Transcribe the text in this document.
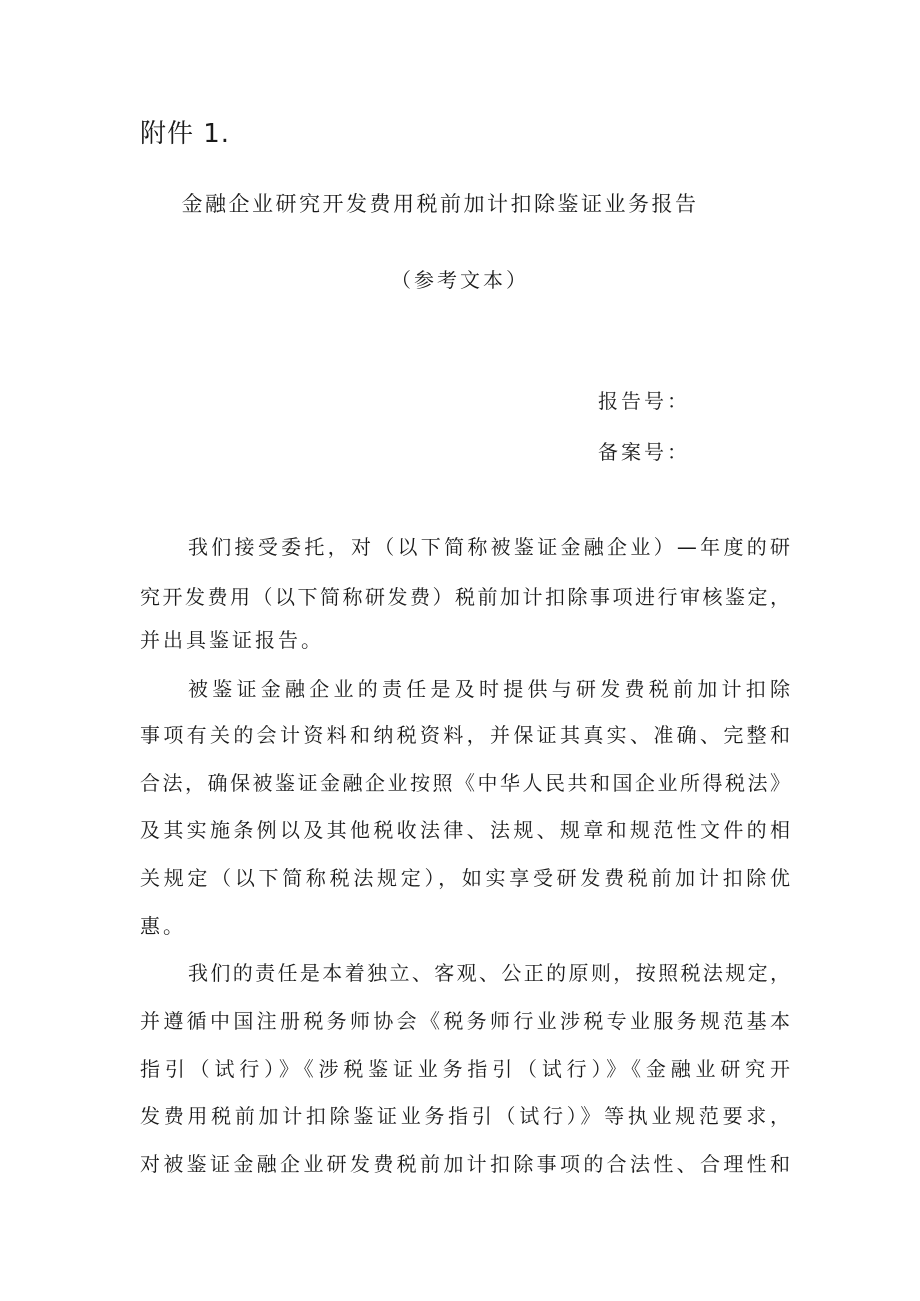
附件 1.
金融企业研究开发费用税前加计扣除鉴证业务报告
（参考文本）
报告号：
备案号：
我们接受委托，对（以下简称被鉴证金融企业）—年度的研
究开发费用（以下简称研发费）税前加计扣除事项进行审核鉴定，
并出具鉴证报告。
被鉴证金融企业的责任是及时提供与研发费税前加计扣除
事项有关的会计资料和纳税资料，并保证其真实、准确、完整和
合法，确保被鉴证金融企业按照《中华人民共和国企业所得税法》
及其实施条例以及其他税收法律、法规、规章和规范性文件的相
关规定（以下简称税法规定），如实享受研发费税前加计扣除优
惠。
我们的责任是本着独立、客观、公正的原则，按照税法规定，
并遵循中国注册税务师协会《税务师行业涉税专业服务规范基本
指引（试行）》《涉税鉴证业务指引（试行）》《金融业研究开
发费用税前加计扣除鉴证业务指引（试行）》等执业规范要求，
对被鉴证金融企业研发费税前加计扣除事项的合法性、合理性和
